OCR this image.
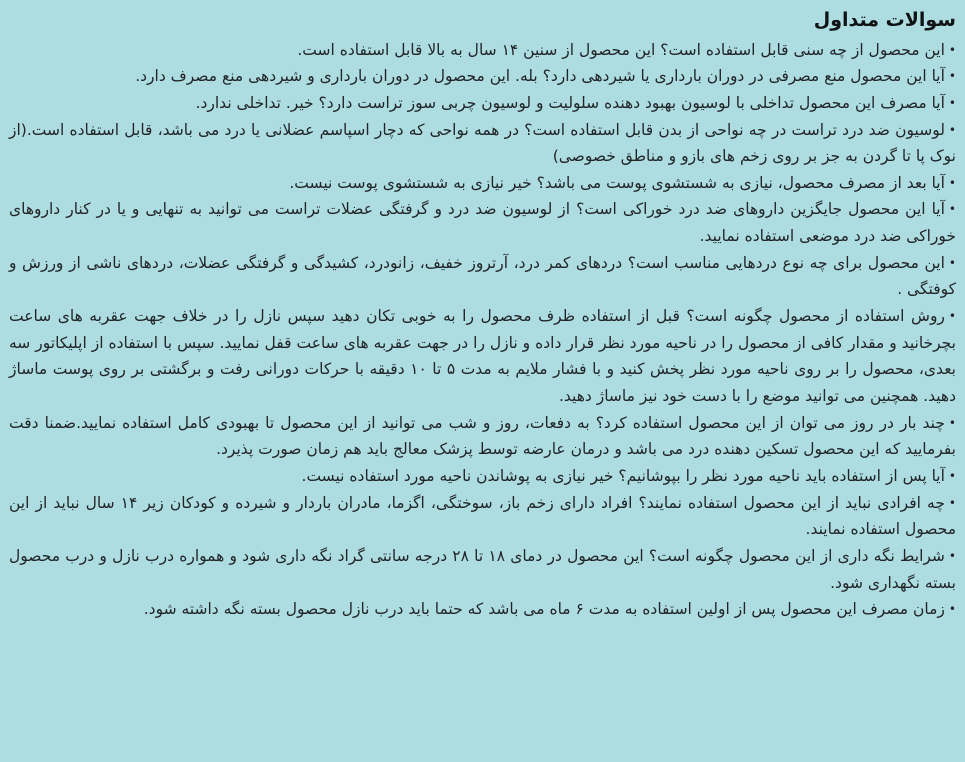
سوالات متداول

•این محصول از چه سنی قابل استفاده است؟ این محصول از سنین ۱۴ سال به بالا قابل استفاده است.

•آیا این محصول منع مصرفی در دوران بارداری یا شیردهی دارد؟ بله. این محصول در دوران بارداری و شیردهی منع مصرف دارد.

•آیا مصرف این محصول تداخلی با لوسیون بهبود دهنده سلولیت و لوسیون چربی سوز تراست دارد؟ خیر. تداخلی ندارد.

•لوسیون ضد درد تراست در چه نواحی از بدن قابل استفاده است؟ در همه نواحی که دچار اسپاسم عضلانی یا درد می باشد، قابل استفاده است.(از نوک پا تا گردن به جز بر روی زخم های بازو و مناطق خصوصی)

•آیا بعد از مصرف محصول، نیازی به شستشوی پوست می باشد؟ خیر نیازی به شستشوی پوست نیست.

•آیا این محصول جایگزین داروهای ضد درد خوراکی است؟ از لوسیون ضد درد و گرفتگی عضلات تراست می توانید به تنهایی و یا در کنار داروهای خوراکی ضد درد موضعی استفاده نمایید.

•این محصول برای چه نوع دردهایی مناسب است؟ دردهای کمر درد، آرتروز خفیف، زانودرد، کشیدگی و گرفتگی عضلات، دردهای ناشی از ورزش و کوفتگی .

•روش استفاده از محصول چگونه است؟ قبل از استفاده ظرف محصول را به خوبی تکان دهید سپس نازل را در خلاف جهت عقربه های ساعت بچرخانید و مقدار کافی از محصول را در ناحیه مورد نظر قرار داده و نازل را در جهت عقربه های ساعت قفل نمایید. سپس با استفاده از اپلیکاتور سه بعدی، محصول را بر روی ناحیه مورد نظر پخش کنید و با فشار ملایم به مدت ۵ تا ۱۰ دقیقه با حرکات دورانی رفت و برگشتی بر روی پوست ماساژ دهید. همچنین می توانید موضع را با دست خود نیز ماساژ دهید.

•چند بار در روز می توان از این محصول استفاده کرد؟ به دفعات، روز و شب می توانید از این محصول تا بهبودی کامل استفاده نمایید.ضمنا دقت بفرمایید که این محصول تسکین دهنده درد می باشد و درمان عارضه توسط پزشک معالج باید هم زمان صورت پذیرد.

•آیا پس از استفاده باید ناحیه مورد نظر را بپوشانیم؟ خیر نیازی به پوشاندن ناحیه مورد استفاده نیست.

•چه افرادی نباید از این محصول استفاده نمایند؟ افراد دارای زخم باز، سوختگی، اگزما، مادران باردار و شیرده و کودکان زیر ۱۴ سال نباید از این محصول استفاده نمایند.

•شرایط نگه داری از این محصول چگونه است؟ این محصول در دمای ۱۸ تا ۲۸ درجه سانتی گراد نگه داری شود و همواره درب نازل و درب محصول بسته نگهداری شود.

•زمان مصرف این محصول پس از اولین استفاده به مدت ۶ ماه می باشد که حتما باید درب نازل محصول بسته نگه داشته شود.
